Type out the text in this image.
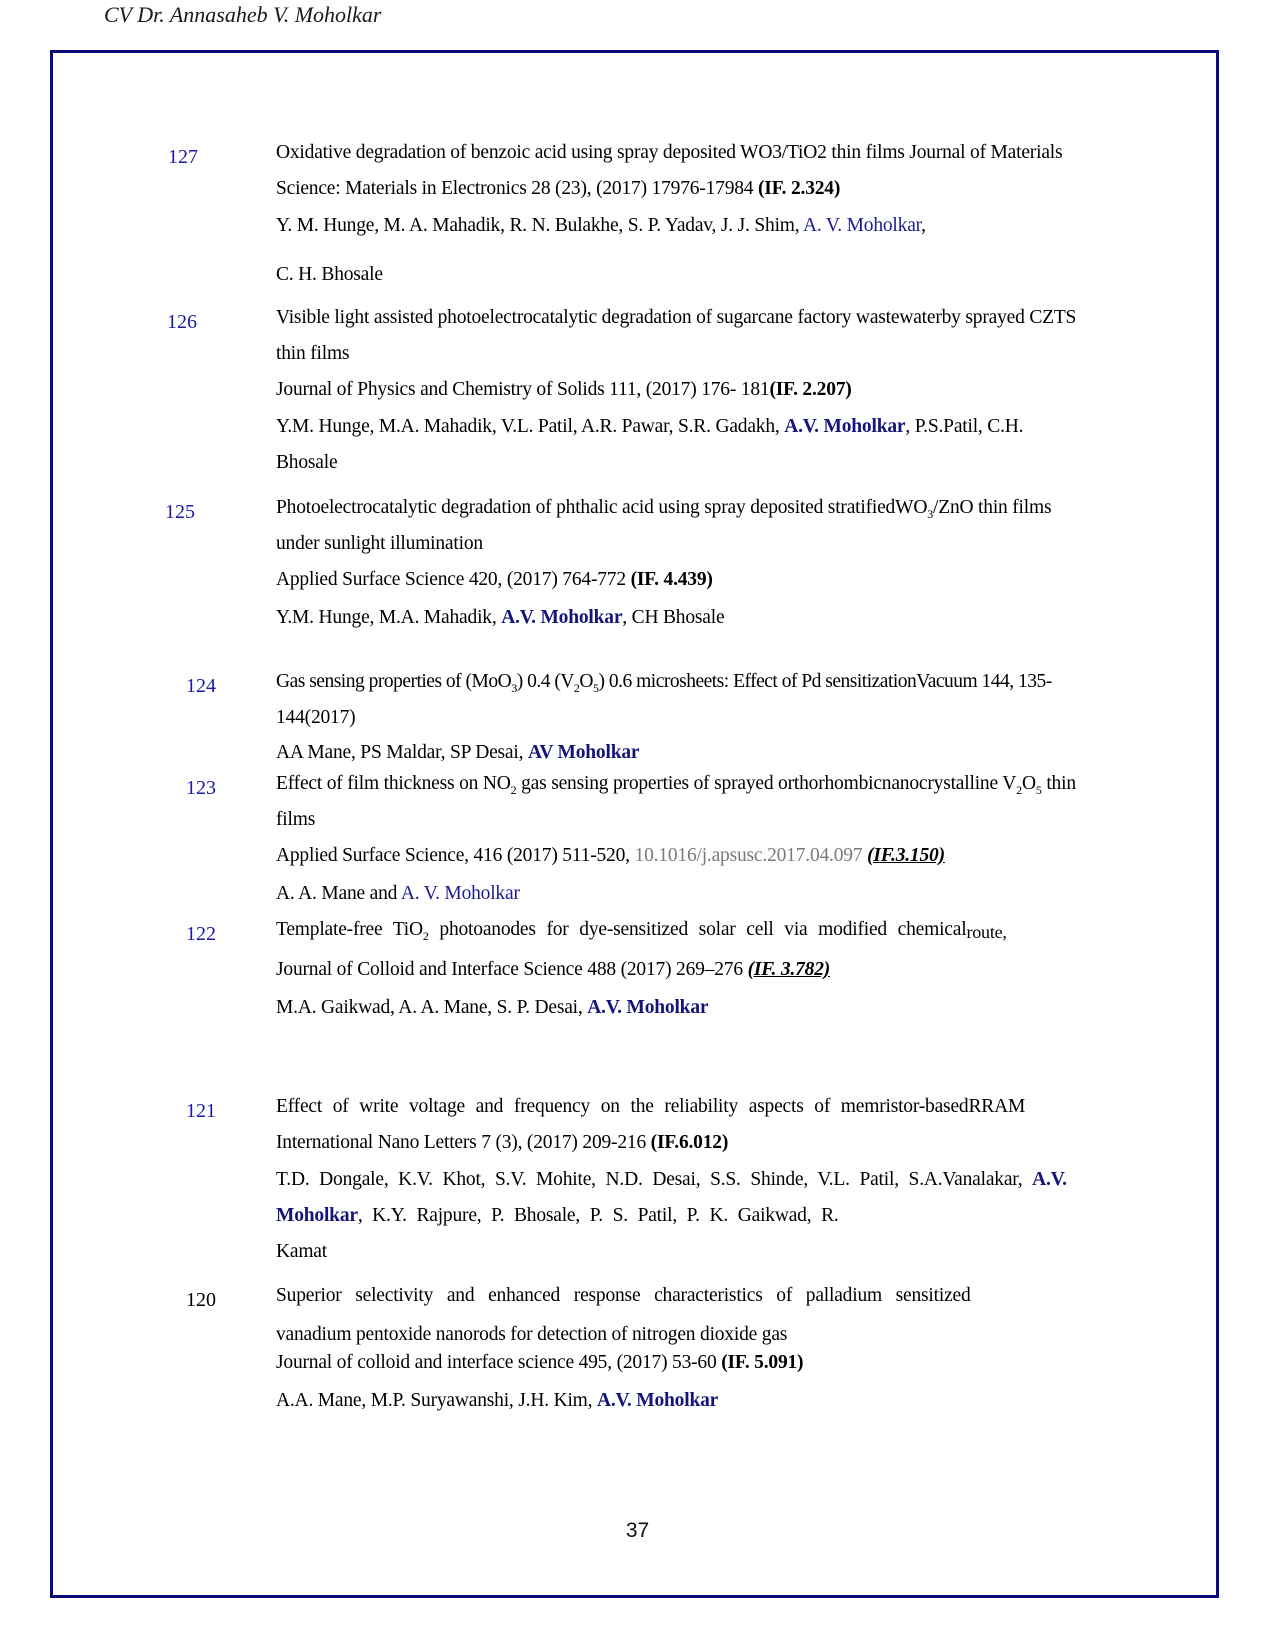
CV Dr. Annasaheb V. Moholkar
127	Oxidative degradation of benzoic acid using spray deposited WO3/TiO2 thin films Journal of Materials
Science: Materials in Electronics 28 (23), (2017) 17976-17984 (IF. 2.324)
Y. M. Hunge, M. A. Mahadik, R. N. Bulakhe, S. P. Yadav, J. J. Shim, A. V. Moholkar,
C. H. Bhosale
126	Visible light assisted photoelectrocatalytic degradation of sugarcane factory wastewaterby sprayed CZTS
thin films
Journal of Physics and Chemistry of Solids 111, (2017) 176- 181(IF. 2.207)
Y.M. Hunge, M.A. Mahadik, V.L. Patil, A.R. Pawar, S.R. Gadakh, A.V. Moholkar, P.S.Patil, C.H.
Bhosale
125	Photoelectrocatalytic degradation of phthalic acid using spray deposited stratifiedWO$_3$/ZnO thin films
under sunlight illumination
Applied Surface Science 420, (2017) 764-772 (IF. 4.439)
Y.M. Hunge, M.A. Mahadik, A.V. Moholkar, CH Bhosale
124	Gas sensing properties of (MoO$_3$) 0.4 $(V_2O_5)$ 0.6 microsheets: Effect of Pd sensitizationVacuum 144, 135-
144(2017)
AA Mane, PS Maldar, SP Desai, AV Moholkar
123	Effect of film thickness on $NO_2$ gas sensing properties of sprayed orthorhombicnanocrystalline $V_2O_5$ thin
films
Applied Surface Science, 416 (2017) 511-520, 10.1016/j.apsusc.2017.04.097 (IF.3.150)
A. A. Mane and A. V. Moholkar
122	Template-free TiO$_2$ photoanodes for dye-sensitized solar cell via modified chemicalroute,
Journal of Colloid and Interface Science 488 (2017) 269–276 (IF. 3.782)
M.A. Gaikwad, A. A. Mane, S. P. Desai, A.V. Moholkar
121	Effect of write voltage and frequency on the reliability aspects of memristor-basedRRAM
International Nano Letters 7 (3), (2017) 209-216 (IF.6.012)
T.D. Dongale, K.V. Khot, S.V. Mohite, N.D. Desai, S.S. Shinde, V.L. Patil, S.A.Vanalakar, A.V.
Moholkar, K.Y. Rajpure, P. Bhosale, P. S. Patil, P. K. Gaikwad, R.
Kamat
120	Superior selectivity and enhanced response characteristics of palladium sensitized
vanadium pentoxide nanorods for detection of nitrogen dioxide gas
Journal of colloid and interface science 495, (2017) 53-60 (IF. 5.091)
A.A. Mane, M.P. Suryawanshi, J.H. Kim, A.V. Moholkar
37
